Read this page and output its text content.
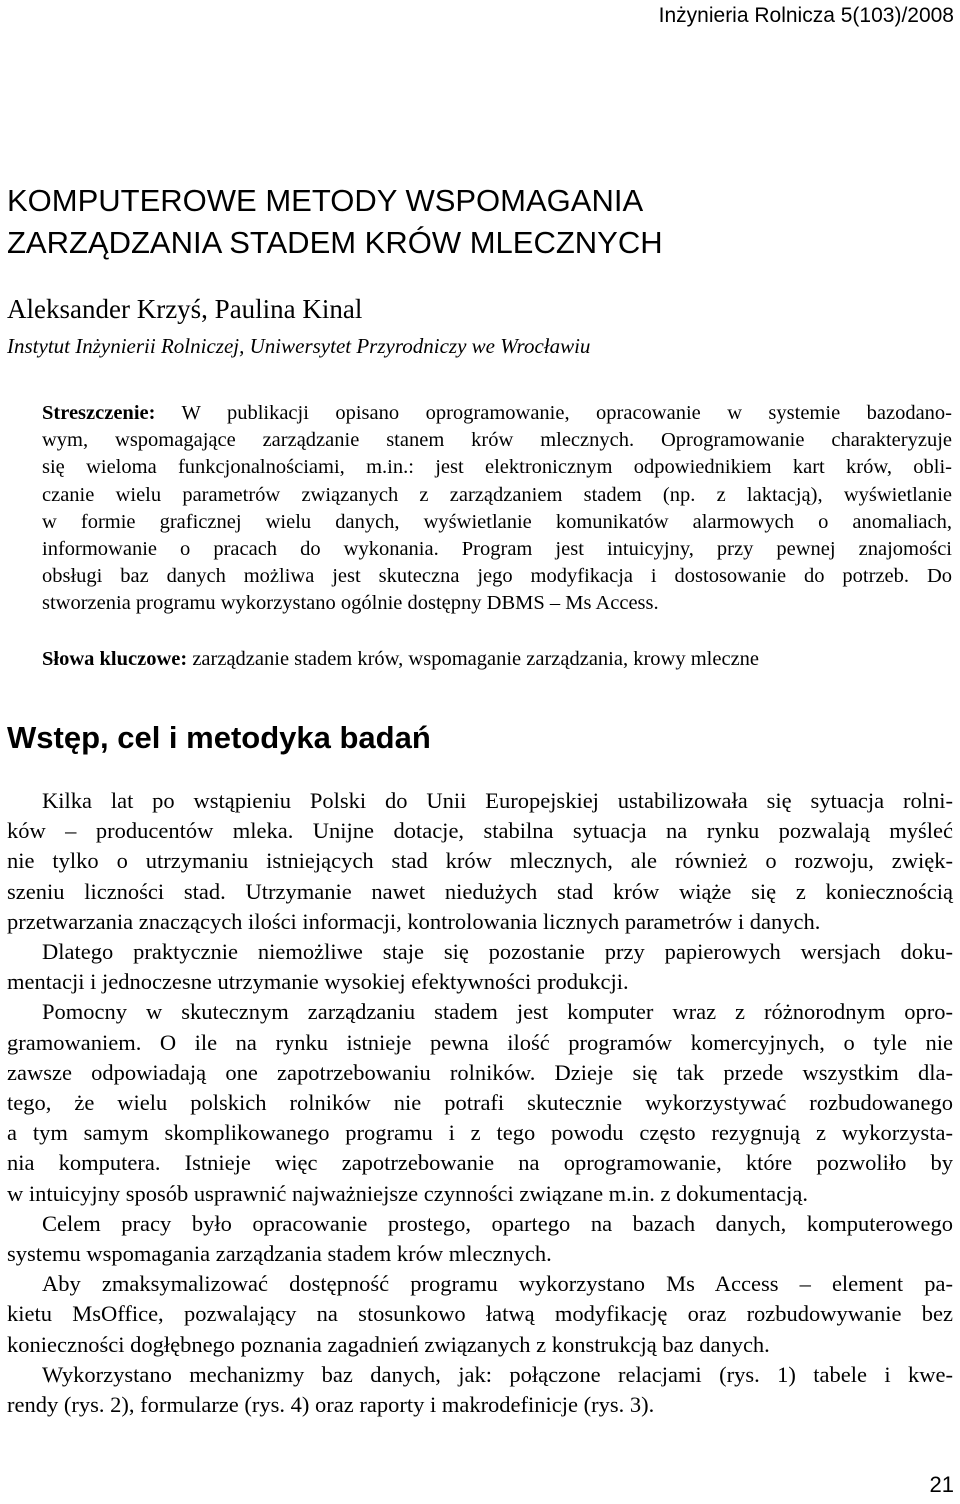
Inżynieria Rolnicza 5(103)/2008
KOMPUTEROWE METODY WSPOMAGANIA
ZARZĄDZANIA STADEM KRÓW MLECZNYCH
Aleksander Krzyś, Paulina Kinal
Instytut Inżynierii Rolniczej, Uniwersytet Przyrodniczy we Wrocławiu
Streszczenie: W publikacji opisano oprogramowanie, opracowanie w systemie bazodano-
wym, wspomagające zarządzanie stanem krów mlecznych. Oprogramowanie charakteryzuje
się wieloma funkcjonalnościami, m.in.: jest elektronicznym odpowiednikiem kart krów, obli-
czanie wielu parametrów związanych z zarządzaniem stadem (np. z laktacją), wyświetlanie
w formie graficznej wielu danych, wyświetlanie komunikatów alarmowych o anomaliach,
informowanie o pracach do wykonania. Program jest intuicyjny, przy pewnej znajomości
obsługi baz danych możliwa jest skuteczna jego modyfikacja i dostosowanie do potrzeb. Do
stworzenia programu wykorzystano ogólnie dostępny DBMS – Ms Access.
Słowa kluczowe: zarządzanie stadem krów, wspomaganie zarządzania, krowy mleczne
Wstęp, cel i metodyka badań
Kilka lat po wstąpieniu Polski do Unii Europejskiej ustabilizowała się sytuacja rolni-
ków – producentów mleka. Unijne dotacje, stabilna sytuacja na rynku pozwalają myśleć
nie tylko o utrzymaniu istniejących stad krów mlecznych, ale również o rozwoju, zwięk-
szeniu liczności stad. Utrzymanie nawet niedużych stad krów wiąże się z koniecznością
przetwarzania znaczących ilości informacji, kontrolowania licznych parametrów i danych.
Dlatego praktycznie niemożliwe staje się pozostanie przy papierowych wersjach doku-
mentacji i jednoczesne utrzymanie wysokiej efektywności produkcji.
Pomocny w skutecznym zarządzaniu stadem jest komputer wraz z różnorodnym opro-
gramowaniem. O ile na rynku istnieje pewna ilość programów komercyjnych, o tyle nie
zawsze odpowiadają one zapotrzebowaniu rolników. Dzieje się tak przede wszystkim dla-
tego, że wielu polskich rolników nie potrafi skutecznie wykorzystywać rozbudowanego
a tym samym skomplikowanego programu i z tego powodu często rezygnują z wykorzysta-
nia komputera. Istnieje więc zapotrzebowanie na oprogramowanie, które pozwoliło by
w intuicyjny sposób usprawnić najważniejsze czynności związane m.in. z dokumentacją.
Celem pracy było opracowanie prostego, opartego na bazach danych, komputerowego
systemu wspomagania zarządzania stadem krów mlecznych.
Aby zmaksymalizować dostępność programu wykorzystano Ms Access – element pa-
kietu MsOffice, pozwalający na stosunkowo łatwą modyfikację oraz rozbudowywanie bez
konieczności dogłębnego poznania zagadnień związanych z konstrukcją baz danych.
Wykorzystano mechanizmy baz danych, jak: połączone relacjami (rys. 1) tabele i kwe-
rendy (rys. 2), formularze (rys. 4) oraz raporty i makrodefinicje (rys. 3).
21
